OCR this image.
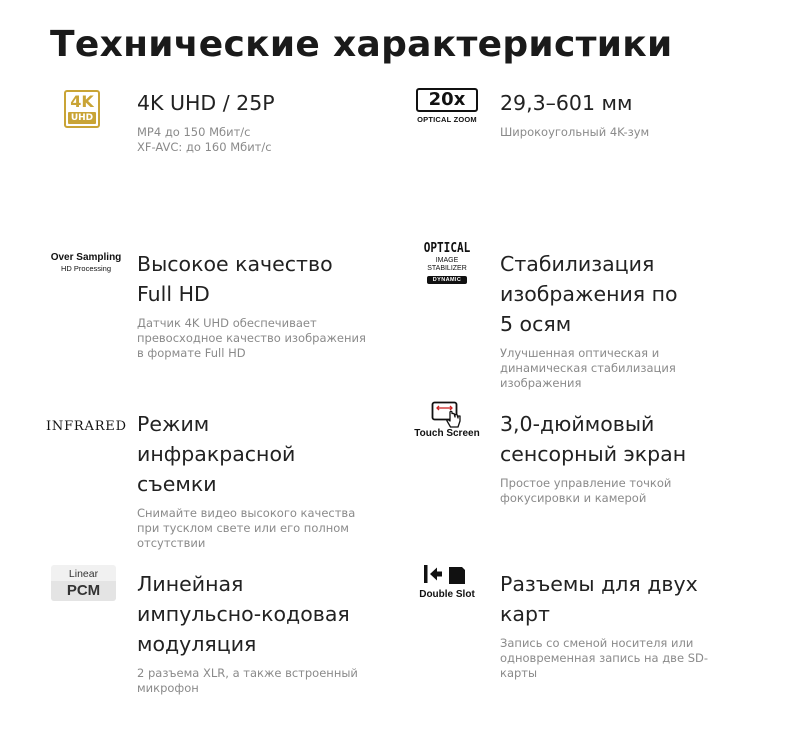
Технические характеристики
4K
UHD
4K UHD / 25P
MP4 до 150 Мбит/с
XF-AVC: до 160 Мбит/с
20x
OPTICAL ZOOM
29,3–601 мм
Широкоугольный 4K-зум
Over Sampling
HD Processing	Высокое качество
Full HD
Датчик 4K UHD обеспечивает
превосходное качество изображения
в формате Full HD
OPTICAL
IMAGE
STABILIZER
DYNAMIC
Стабилизация
изображения по
5 осям
Улучшенная оптическая и
динамическая стабилизация
изображения
INFRARED Режим
инфракрасной
съемки
Снимайте видео высокого качества
при тусклом свете или его полном
отсутствии
Touch Screen 3,0-дюймовый
сенсорный экран
Простое управление точкой
фокусировки и камерой
Linear
PCM	Линейная
импульсно-кодовая
модуляция
2 разъема XLR, а также встроенный
микрофон
Double Slot	Разъемы для двух
карт
Запись со сменой носителя или
одновременная запись на две SD-
карты
